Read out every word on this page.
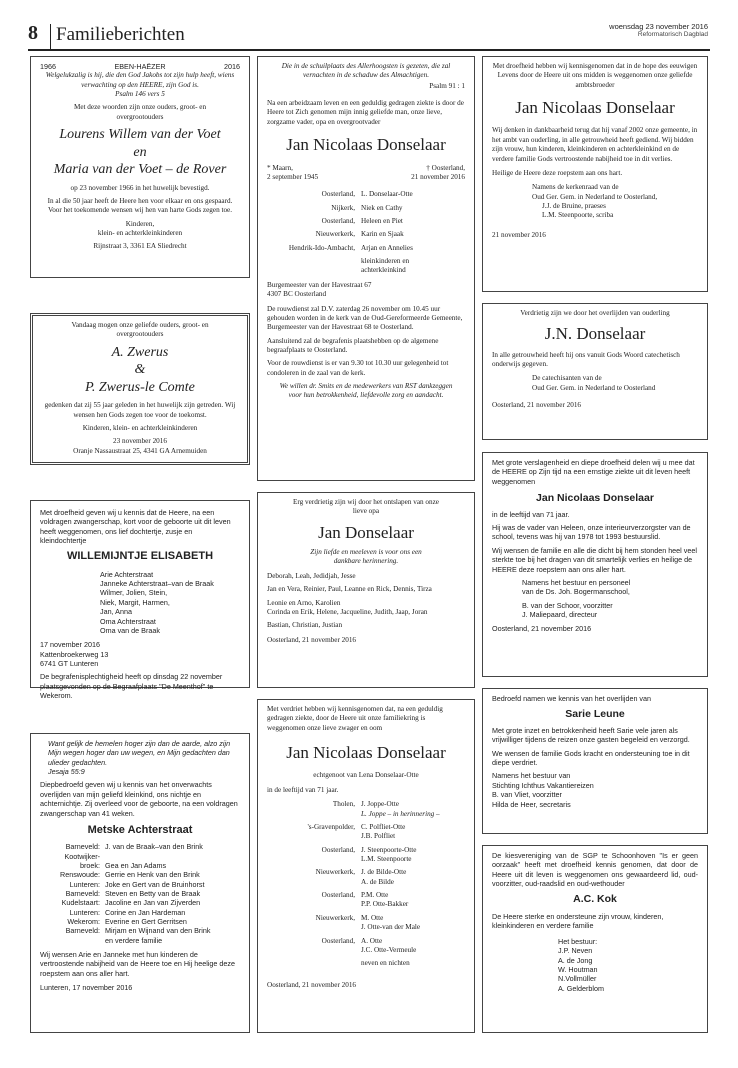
8 Familieberichten	woensdag 23 november 2016
Reformatorisch Dagblad
1966	EBEN-HAËZER	2016

Welgelukzalig is hij, die den God Jakobs tot zijn hulp heeft, wiens verwachting op den HEERE, zijn God is.

Psalm 146 vers 5

Met deze woorden zijn onze ouders, groot- en overgrootouders

Lourens Willem van der Voet
en
Maria van der Voet – de Rover

op 23 november 1966 in het huwelijk bevestigd.

In al die 50 jaar heeft de Heere hen voor elkaar en ons gespaard. Voor het toekomende wensen wij hen van harte Gods zegen toe.

Kinderen,

klein- en achterkleinkinderen

Rijnstraat 3, 3361 EA Sliedrecht

Vandaag mogen onze geliefde ouders, groot- en overgrootouders

A. Zwerus
&
P. Zwerus-le Comte

gedenken dat zij 55 jaar geleden in het huwelijk zijn getreden. Wij wensen hen Gods zegen toe voor de toekomst.

Kinderen, klein- en achterkleinkinderen

23 november 2016
Oranje Nassaustraat 25, 4341 GA Arnemuiden

Met droefheid geven wij u kennis dat de Heere, na een voldragen zwangerschap, kort voor de geboorte uit dit leven heeft weggenomen, ons lief dochtertje, zusje en kleindochtertje

WILLEMIJNTJE ELISABETH
Arie Achterstraat
Janneke Achterstraat–van de Braak
Wilmer, Jolien, Stein,
Niek, Margit, Harmen,
Jan, Anna
Oma Achterstraat
Oma van de Braak
17 november 2016
Kattenbroekerweg 13

6741 GT Lunteren

De begrafenisplechtigheid heeft op dinsdag 22 november plaatsgevonden op de Begraafplaats "De Meenthof" te Wekerom.

Want gelijk de hemelen hoger zijn dan de aarde, alzo zijn Mijn wegen hoger dan uw wegen, en Mijn gedachten dan ulieder gedachten.

Jesaja 55:9

Diepbedroefd geven wij u kennis van het onverwachts overlijden van mijn geliefd kleinkind, ons nichtje en achternichtje. Zij overleed voor de geboorte, na een voldragen zwangerschap van 41 weken.

Metske Achterstraat
Barneveld: J. van de Braak–van den Brink
Kootwijker-
broek: Gea en Jan Adams
Renswoude: Gerrie en Henk van den Brink
Lunteren: Joke en Gert van de Bruinhorst
Barneveld: Steven en Betty van de Braak
Kudelstaart: Jacoline en Jan van Zijverden
Lunteren: Corine en Jan Hardeman
Wekerom: Everine en Gert Gerritsen
Barneveld: Mirjam en Wijnand van den Brink
en verdere familie

Wij wensen Arie en Janneke met hun kinderen de vertroostende nabijheid van de Heere toe en Hij heelige deze roepstem aan ons aller hart.

Lunteren, 17 november 2016

Die in de schuilplaats des Allerhoogsten is gezeten, die zal vernachten in de schaduw des Almachtigen.

Psalm 91 : 1

Na een arbeidzaam leven en een geduldig gedragen ziekte is door de Heere tot Zich genomen mijn innig geliefde man, onze lieve, zorgzame vader, opa en overgrootvader

Jan Nicolaas Donselaar
* Maarn,	† Oosterland,
2 september 1945	21 november 2016
Oosterland, L. Donselaar-Otte
Nijkerk, Niek en Cathy
Oosterland, Heleen en Piet
Nieuwerkerk, Karin en Sjaak
Hendrik-Ido-Ambacht, Arjan en Annelies
kleinkinderen en achterkleinkind
Burgemeester van der Havestraat 67

4307 BC Oosterland

De rouwdienst zal D.V. zaterdag 26 november om 10.45 uur gehouden worden in de kerk van de Oud-Gereformeerde Gemeente, Burgemeester van der Havestraat 68 te Oosterland.

Aansluitend zal de begrafenis plaatshebben op de algemene begraafplaats te Oosterland.

Voor de rouwdienst is er van 9.30 tot 10.30 uur gelegenheid tot condoleren in de zaal van de kerk.

We willen dr. Smits en de medewerkers van RST dankzeggen voor hun betrokkenheid, liefdevolle zorg en aandacht.

Erg verdrietig zijn wij door het ontslapen van onze lieve opa

Jan Donselaar

Zijn liefde en meeleven is voor ons een dankbare herinnering.

Deborah, Leah, Jedidjah, Jesse

Jan en Vera, Reinier, Paul, Leanne en Rick, Dennis, Tirza

Leonie en Arno, Karolien

Corinda en Erik, Helene, Jacqueline, Judith, Jaap, Joran

Bastian, Christian, Justian

Oosterland, 21 november 2016

Met verdriet hebben wij kennisgenomen dat, na een geduldig gedragen ziekte, door de Heere uit onze familiekring is weggenomen onze lieve zwager en oom

Jan Nicolaas Donselaar

echtgenoot van Lena Donselaar-Otte

in de leeftijd van 71 jaar.

Tholen, J. Joppe-Otte
L. Joppe – in herinnering –
's-Gravenpolder, C. Polfliet-Otte
J.B. Polfliet
Oosterland, J. Steenpoorte-Otte
L.M. Steenpoorte
Nieuwerkerk, J. de Bilde-Otte
A. de Bilde
Oosterland, P.M. Otte
P.P. Otte-Bakker
Nieuwerkerk, M. Otte
J. Otte-van der Male
Oosterland, A. Otte
J.C. Otte-Vermeule
neven en nichten
Oosterland, 21 november 2016

Met droefheid hebben wij kennisgenomen dat in de hope des eeuwigen Levens door de Heere uit ons midden is weggenomen onze geliefde ambtsbroeder

Jan Nicolaas Donselaar

Wij denken in dankbaarheid terug dat hij vanaf 2002 onze gemeente, in het ambt van ouderling, in alle getrouwheid heeft gediend. Wij bidden zijn vrouw, hun kinderen, kleinkinderen en achterkleinkind en de verdere familie Gods vertroostende nabijheid toe in dit verlies.

Heilige de Heere deze roepstem aan ons hart.

Namens de kerkenraad van de
Oud Ger. Gem. in Nederland te Oosterland,
J.J. de Bruine, praeses
L.M. Steenpoorte, scriba
21 november 2016

Verdrietig zijn we door het overlijden van ouderling

J.N. Donselaar

In alle getrouwheid heeft hij ons vanuit Gods Woord catechetisch onderwijs gegeven.

De catechisanten van de
Oud Ger. Gem. in Nederland te Oosterland
Oosterland, 21 november 2016

Met grote verslagenheid en diepe droefheid delen wij u mee dat de HEERE op Zijn tijd na een ernstige ziekte uit dit leven heeft weggenomen

Jan Nicolaas Donselaar

in de leeftijd van 71 jaar.

Hij was de vader van Heleen, onze interieurverzorgster van de school, tevens was hij van 1978 tot 1993 bestuurslid.

Wij wensen de familie en alle die dicht bij hem stonden heel veel sterkte toe bij het dragen van dit smartelijk verlies en heilige de HEERE deze roepstem aan ons aller hart.

Namens het bestuur en personeel

van de Ds. Joh. Bogermanschool,

B. van der Schoor, voorzitter
J. Maliepaard, directeur
Oosterland, 21 november 2016

Bedroefd namen we kennis van het overlijden van

Sarie Leune

Met grote inzet en betrokkenheid heeft Sarie vele jaren als vrijwilliger tijdens de reizen onze gasten begeleid en verzorgd.

We wensen de familie Gods kracht en ondersteuning toe in dit diepe verdriet.

Namens het bestuur van
Stichting Ichthus Vakantiereizen
B. van Vliet, voorzitter
Hilda de Heer, secretaris

De kiesvereniging van de SGP te Schoonhoven "Is er geen oorzaak" heeft met droefheid kennis genomen, dat door de Heere uit dit leven is weggenomen ons gewaardeerd lid, oud-voorzitter, oud-raadslid en oud-wethouder

A.C. Kok

De Heere sterke en ondersteune zijn vrouw, kinderen, kleinkinderen en verdere familie

Het bestuur:
J.P. Neven
A. de Jong
W. Houtman
N.Vollmüller
A. Gelderblom
